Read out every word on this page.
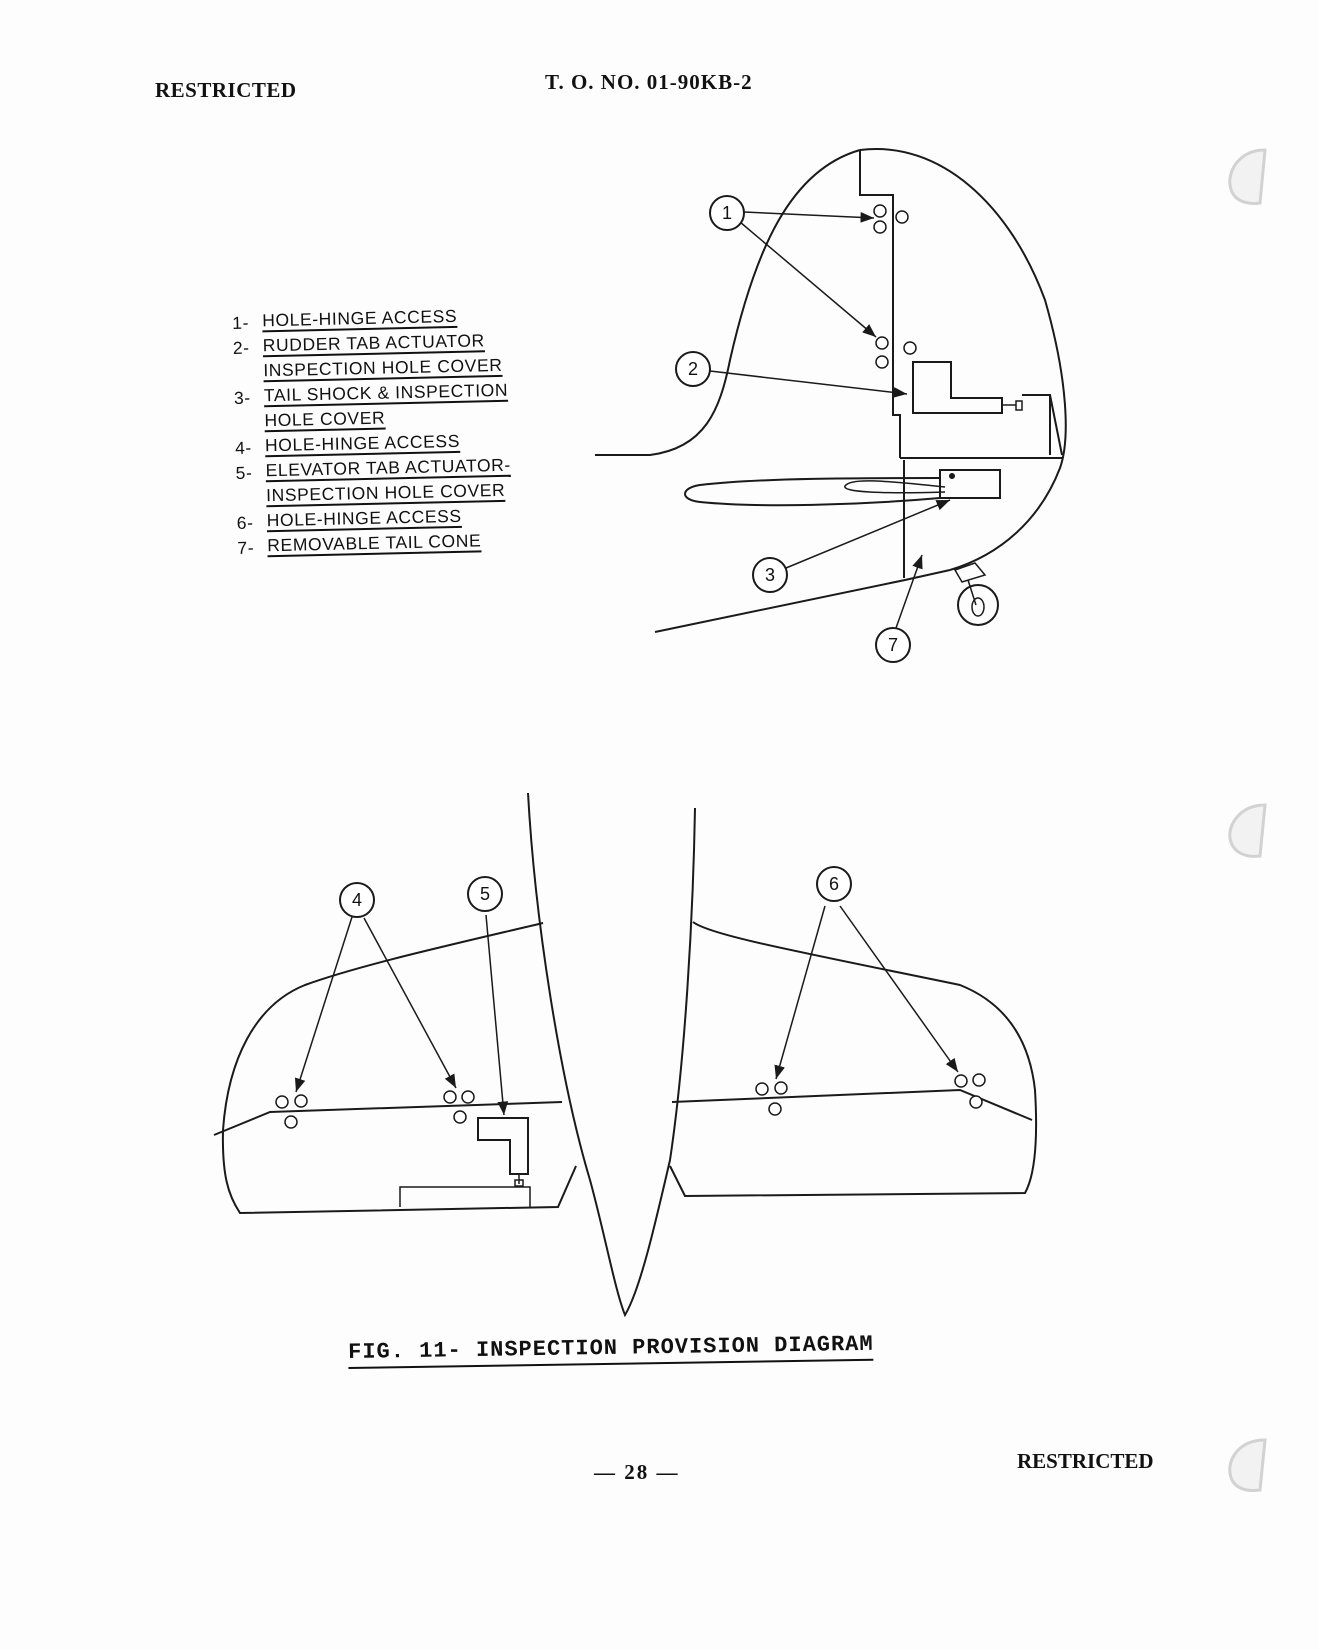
RESTRICTED	T. O. NO. 01-90KB-2
1
2
3
4	5	6
7
1- HOLE-HINGE ACCESS
2- RUDDER TAB ACTUATOR
INSPECTION HOLE COVER
3- TAIL SHOCK & INSPECTION
HOLE COVER
4- HOLE-HINGE ACCESS
5- ELEVATOR TAB ACTUATOR-
INSPECTION HOLE COVER
6- HOLE-HINGE ACCESS
7- REMOVABLE TAIL CONE
FIG. 11- INSPECTION PROVISION DIAGRAM
— 28 —	RESTRICTED
